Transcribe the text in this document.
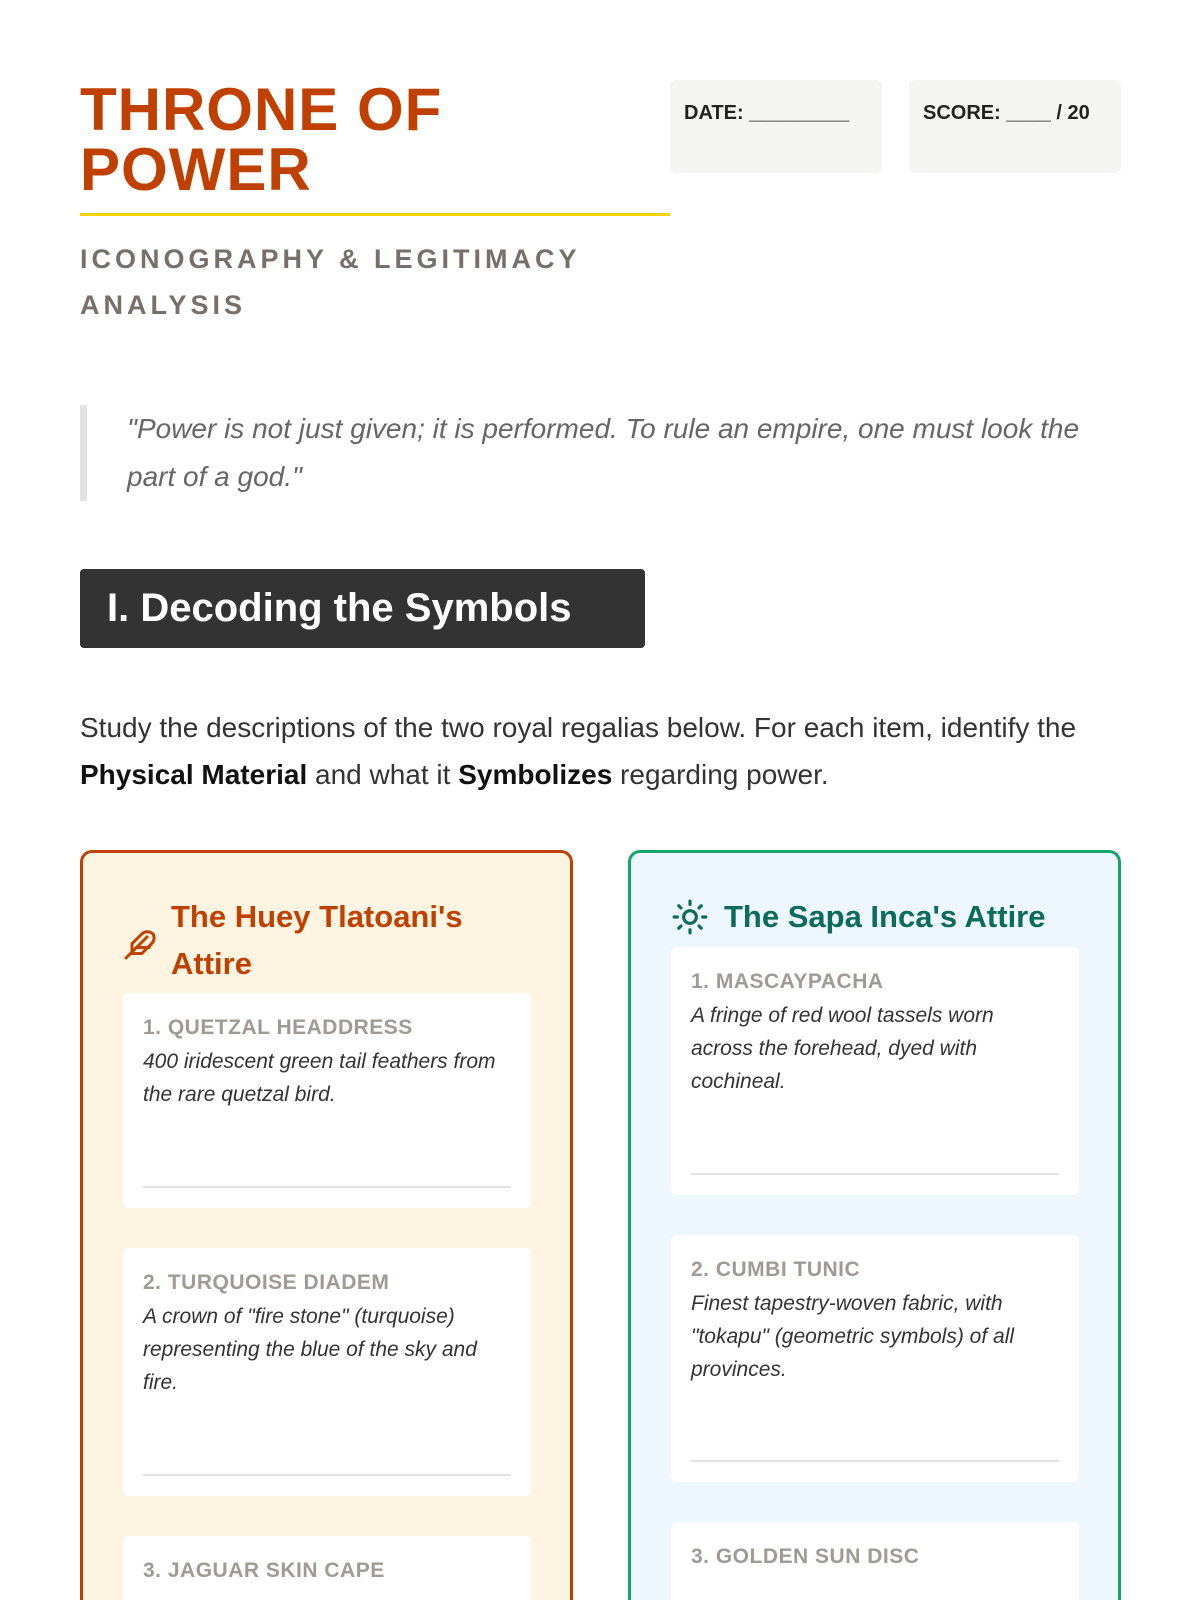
THRONE OF POWER
ICONOGRAPHY & LEGITIMACY ANALYSIS
DATE: _________	SCORE: ____ / 20
"Power is not just given; it is performed. To rule an empire, one must look the part of a god."
I. Decoding the Symbols
Study the descriptions of the two royal regalias below. For each item, identify the Physical Material and what it Symbolizes regarding power.
The Huey Tlatoani's Attire
1. QUETZAL HEADDRESS
400 iridescent green tail feathers from the rare quetzal bird.
2. TURQUOISE DIADEM
A crown of "fire stone" (turquoise) representing the blue of the sky and fire.
3. JAGUAR SKIN CAPE
The Sapa Inca's Attire
1. MASCAYPACHA
A fringe of red wool tassels worn across the forehead, dyed with cochineal.
2. CUMBI TUNIC
Finest tapestry-woven fabric, with "tokapu" (geometric symbols) of all provinces.
3. GOLDEN SUN DISC
